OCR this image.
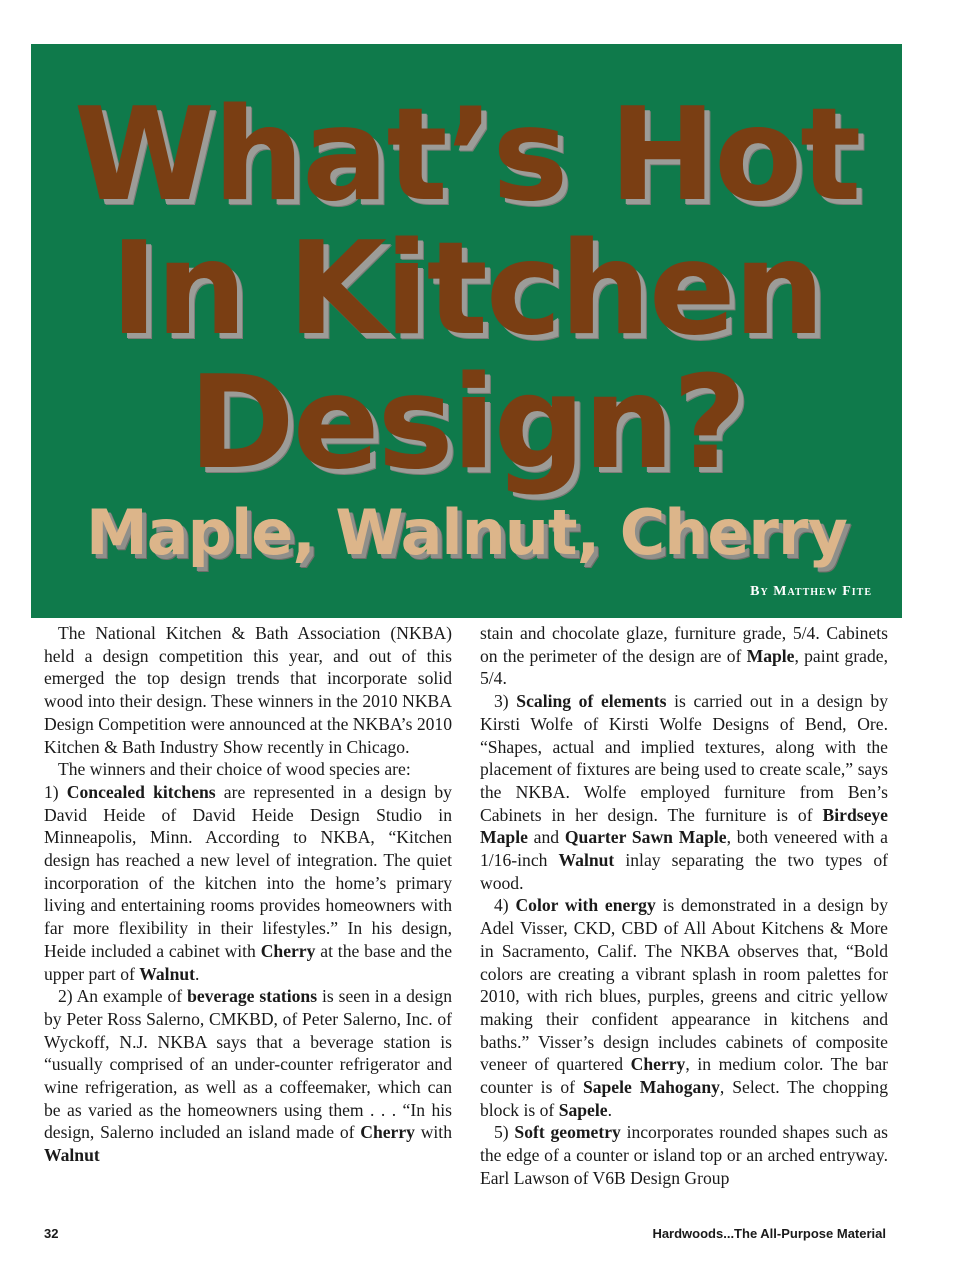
What’s Hot
In Kitchen
Design?
Maple, Walnut, Cherry
By Matthew Fite

The National Kitchen & Bath Association (NKBA) held a design competition this year, and out of this emerged the top design trends that incorporate solid wood into their design. These winners in the 2010 NKBA Design Competition were announced at the NKBA’s 2010 Kitchen & Bath Industry Show recently in Chicago.

The winners and their choice of wood species are:

1) Concealed kitchens are represented in a design by David Heide of David Heide Design Studio in Minneapolis, Minn. According to NKBA, “Kitchen design has reached a new level of integration. The quiet incorporation of the kitchen into the home’s primary living and entertaining rooms provides homeowners with far more flexibility in their lifestyles.” In his design, Heide included a cabinet with Cherry at the base and the upper part of Walnut.

2) An example of beverage stations is seen in a design by Peter Ross Salerno, CMKBD, of Peter Salerno, Inc. of Wyckoff, N.J. NKBA says that a beverage station is “usually comprised of an under-counter refrigerator and wine refrigeration, as well as a coffeemaker, which can be as varied as the homeowners using them . . . “In his design, Salerno included an island made of Cherry with Walnut

stain and chocolate glaze, furniture grade, 5/4. Cabinets on the perimeter of the design are of Maple, paint grade, 5/4.

3) Scaling of elements is carried out in a design by Kirsti Wolfe of Kirsti Wolfe Designs of Bend, Ore. “Shapes, actual and implied textures, along with the placement of fixtures are being used to create scale,” says the NKBA. Wolfe employed furniture from Ben’s Cabinets in her design. The furniture is of Birdseye Maple and Quarter Sawn Maple, both veneered with a 1/16-inch Walnut inlay separating the two types of wood.

4) Color with energy is demonstrated in a design by Adel Visser, CKD, CBD of All About Kitchens & More in Sacramento, Calif. The NKBA observes that, “Bold colors are creating a vibrant splash in room palettes for 2010, with rich blues, purples, greens and citric yellow making their confident appearance in kitchens and baths.” Visser’s design includes cabinets of composite veneer of quartered Cherry, in medium color. The bar counter is of Sapele Mahogany, Select. The chopping block is of Sapele.

5) Soft geometry incorporates rounded shapes such as the edge of a counter or island top or an arched entryway. Earl Lawson of V6B Design Group

32	Hardwoods...The All-Purpose Material
